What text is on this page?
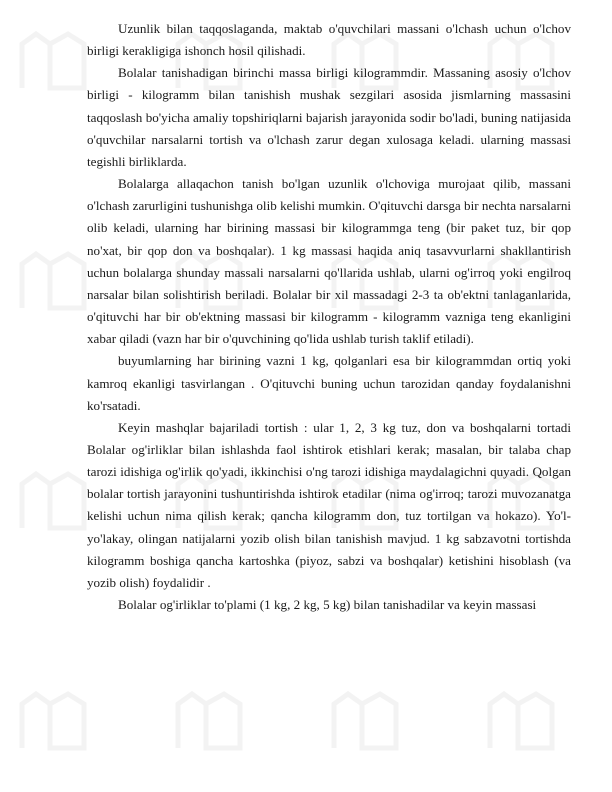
Uzunlik bilan taqqoslaganda, maktab o'quvchilari massani o'lchash uchun o'lchov birligi kerakligiga ishonch hosil qilishadi.

Bolalar tanishadigan birinchi massa birligi kilogrammdir. Massaning asosiy o'lchov birligi - kilogramm bilan tanishish mushak sezgilari asosida jismlarning massasini taqqoslash bo'yicha amaliy topshiriqlarni bajarish jarayonida sodir bo'ladi, buning natijasida o'quvchilar narsalarni tortish va o'lchash zarur degan xulosaga keladi. ularning massasi tegishli birliklarda.

Bolalarga allaqachon tanish bo'lgan uzunlik o'lchoviga murojaat qilib, massani o'lchash zarurligini tushunishga olib kelishi mumkin. O'qituvchi darsga bir nechta narsalarni olib keladi, ularning har birining massasi bir kilogrammga teng (bir paket tuz, bir qop no'xat, bir qop don va boshqalar). 1 kg massasi haqida aniq tasavvurlarni shakllantirish uchun bolalarga shunday massali narsalarni qo'llarida ushlab, ularni og'irroq yoki engilroq narsalar bilan solishtirish beriladi. Bolalar bir xil massadagi 2-3 ta ob'ektni tanlaganlarida, o'qituvchi har bir ob'ektning massasi bir kilogramm - kilogramm vazniga teng ekanligini xabar qiladi (vazn har bir o'quvchining qo'lida ushlab turish taklif etiladi).

buyumlarning har birining vazni 1 kg, qolganlari esa bir kilogrammdan ortiq yoki kamroq ekanligi tasvirlangan . O'qituvchi buning uchun tarozidan qanday foydalanishni ko'rsatadi.

Keyin mashqlar bajariladi tortish : ular 1, 2, 3 kg tuz, don va boshqalarni tortadi Bolalar og'irliklar bilan ishlashda faol ishtirok etishlari kerak; masalan, bir talaba chap tarozi idishiga og'irlik qo'yadi, ikkinchisi o'ng tarozi idishiga maydalagichni quyadi. Qolgan bolalar tortish jarayonini tushuntirishda ishtirok etadilar (nima og'irroq; tarozi muvozanatga kelishi uchun nima qilish kerak; qancha kilogramm don, tuz tortilgan va hokazo). Yo'l-yo'lakay, olingan natijalarni yozib olish bilan tanishish mavjud. 1 kg sabzavotni tortishda kilogramm boshiga qancha kartoshka (piyoz, sabzi va boshqalar) ketishini hisoblash (va yozib olish) foydalidir .

Bolalar og'irliklar to'plami (1 kg, 2 kg, 5 kg) bilan tanishadilar va keyin massasi
